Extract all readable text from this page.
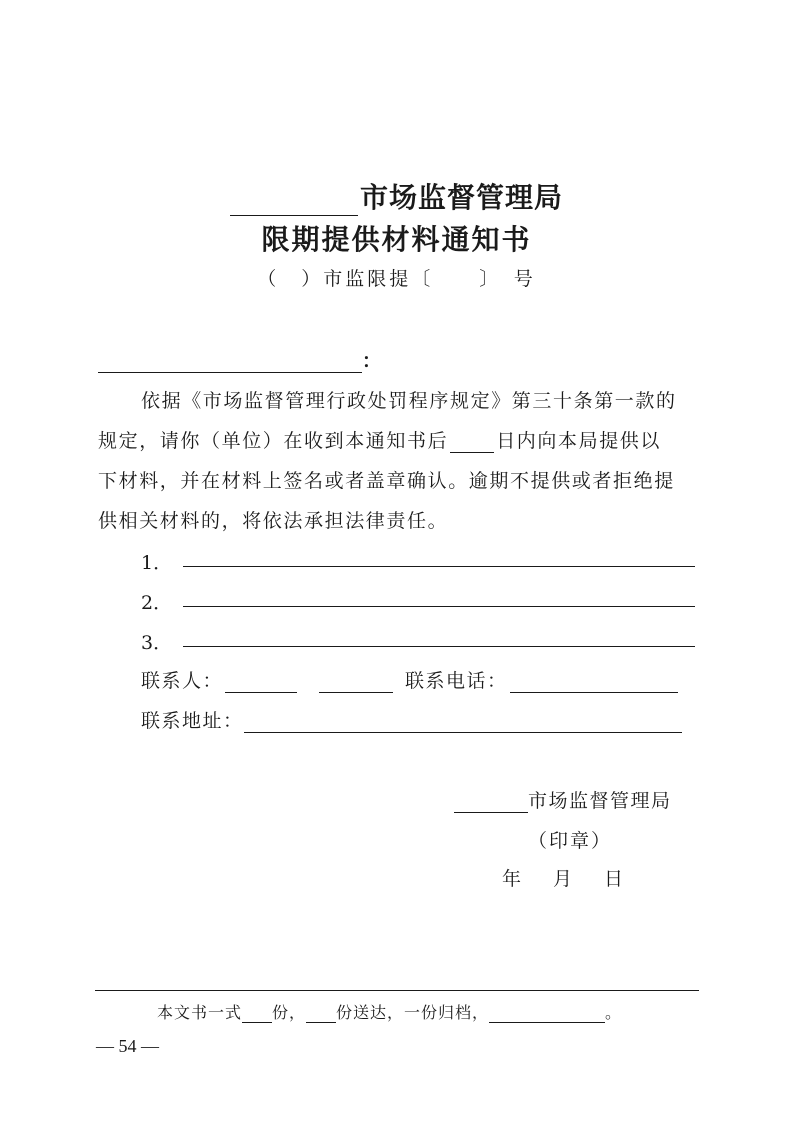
市场监督管理局
限期提供材料通知书
（　）市监限提〔 〕　号
：
依据《市场监督管理行政处罚程序规定》第三十条第一款的
规定，请你（单位）在收到本通知书后	日内向本局提供以
下材料，并在材料上签名或者盖章确认。逾期不提供或者拒绝提
供相关材料的，将依法承担法律责任。
1．
2．
3．
联系人：	联系电话：
联系地址：
市场监督管理局
（印章）
年 月 日
本文书一式 份， 份送达，一份归档，	。
— 54 —
